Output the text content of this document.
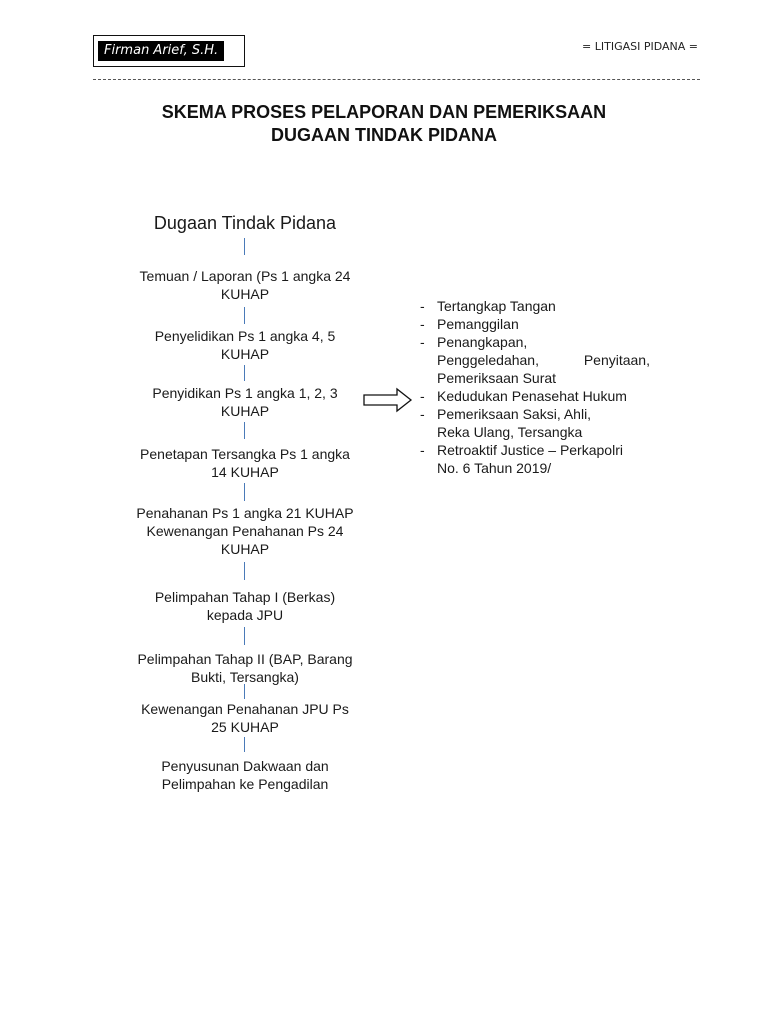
Firman Arief, S.H.	= LITIGASI PIDANA =
SKEMA PROSES PELAPORAN DAN PEMERIKSAAN
DUGAAN TINDAK PIDANA
Dugaan Tindak Pidana
Temuan / Laporan (Ps 1 angka 24
KUHAP
Penyelidikan Ps 1 angka 4, 5
KUHAP
Penyidikan Ps 1 angka 1, 2, 3
KUHAP
Penetapan Tersangka Ps 1 angka
14 KUHAP
Penahanan Ps 1 angka 21 KUHAP
Kewenangan Penahanan Ps 24
KUHAP
Pelimpahan Tahap I (Berkas)
kepada JPU
Pelimpahan Tahap II (BAP, Barang
Bukti, Tersangka)
Kewenangan Penahanan JPU Ps
25 KUHAP
Penyusunan Dakwaan dan
Pelimpahan ke Pengadilan
- Tertangkap Tangan
- Pemanggilan
- Penangkapan,
Penggeledahan, Penyitaan,
Pemeriksaan Surat
- Kedudukan Penasehat Hukum
- Pemeriksaan Saksi, Ahli,
Reka Ulang, Tersangka
- Retroaktif Justice – Perkapolri
No. 6 Tahun 2019/
